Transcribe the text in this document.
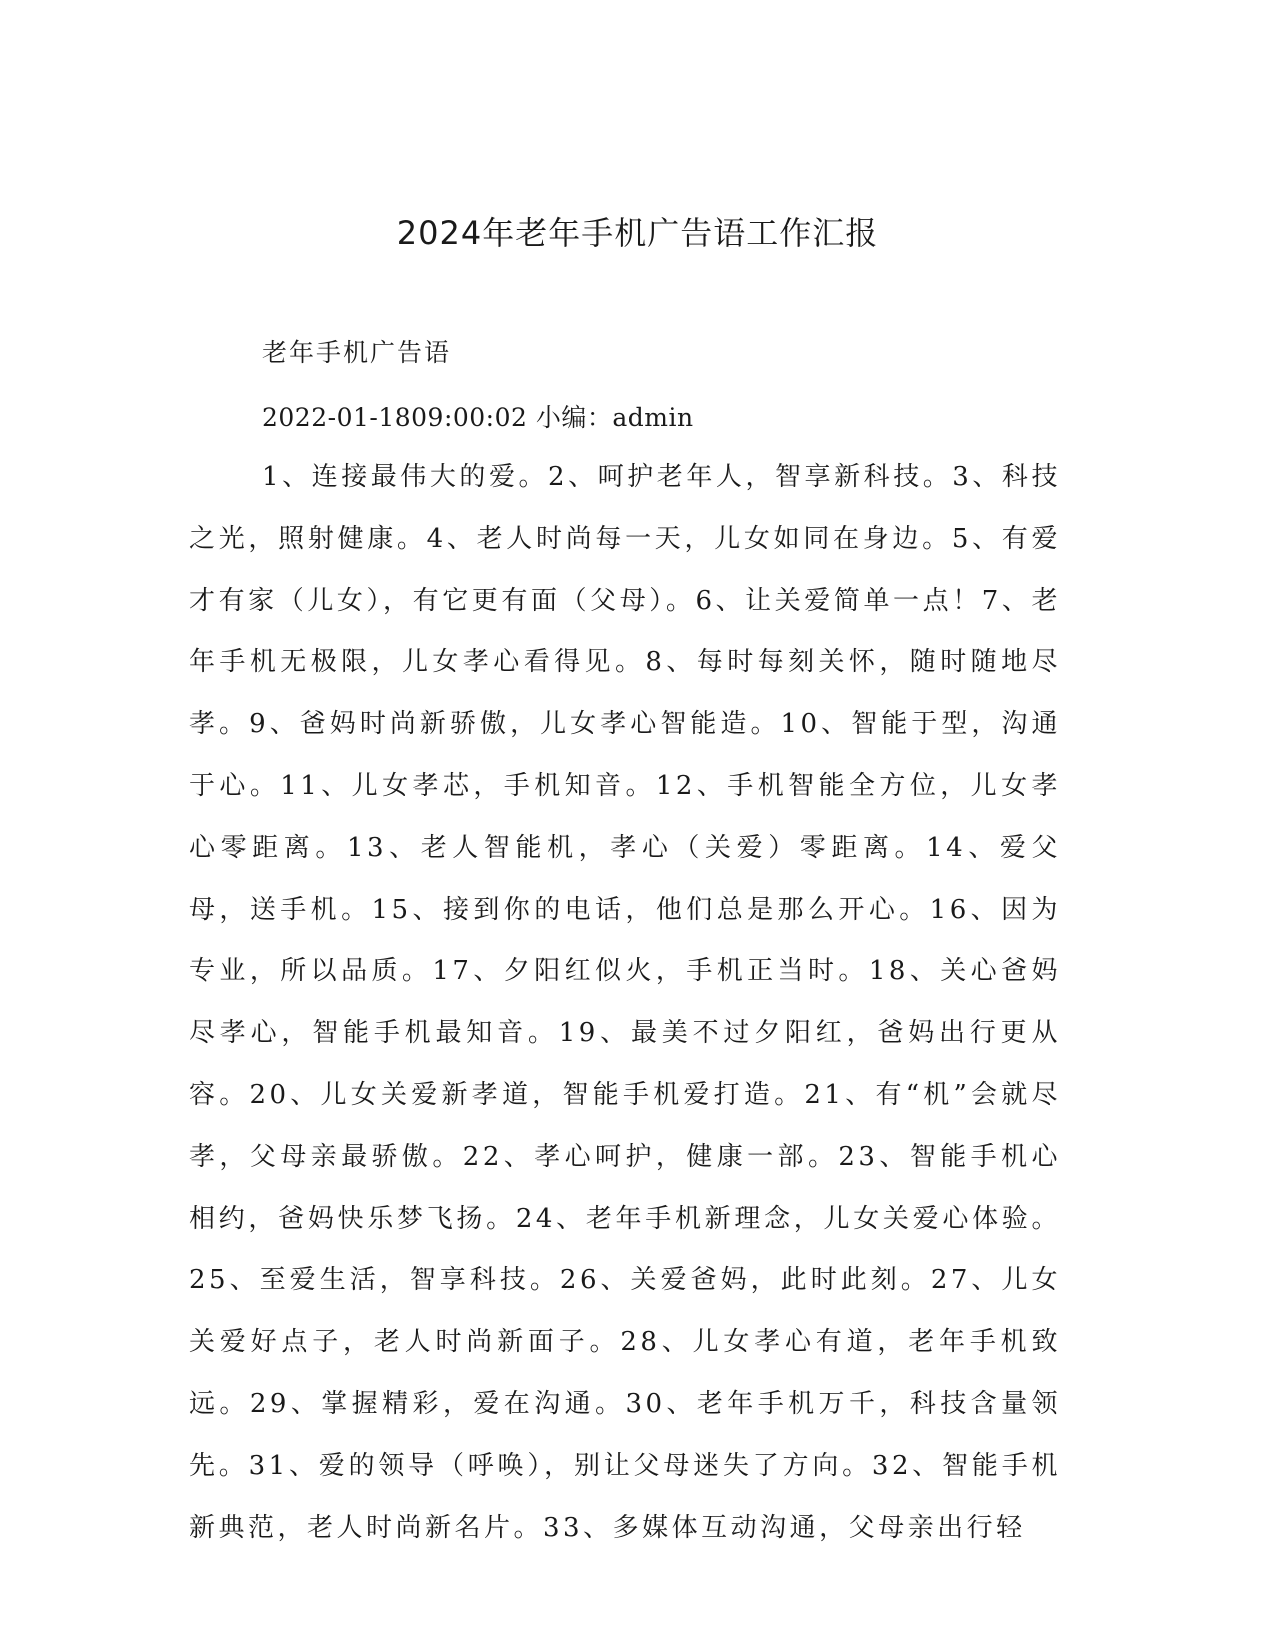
2024年老年手机广告语工作汇报

老年手机广告语

2022-01-1809:00:02 小编：admin

1、连接最伟大的爱。2、呵护老年人，智享新科技。3、科技之光，照射健康。4、老人时尚每一天，儿女如同在身边。5、有爱才有家（儿女），有它更有面（父母）。6、让关爱简单一点！7、老年手机无极限，儿女孝心看得见。8、每时每刻关怀，随时随地尽孝。9、爸妈时尚新骄傲，儿女孝心智能造。10、智能于型，沟通于心。11、儿女孝芯，手机知音。12、手机智能全方位，儿女孝心零距离。13、老人智能机，孝心（关爱）零距离。14、爱父母，送手机。15、接到你的电话，他们总是那么开心。16、因为专业，所以品质。17、夕阳红似火，手机正当时。18、关心爸妈尽孝心，智能手机最知音。19、最美不过夕阳红，爸妈出行更从容。20、儿女关爱新孝道，智能手机爱打造。21、有“机”会就尽孝，父母亲最骄傲。22、孝心呵护，健康一部。23、智能手机心相约，爸妈快乐梦飞扬。24、老年手机新理念，儿女关爱心体验。25、至爱生活，智享科技。26、关爱爸妈，此时此刻。27、儿女关爱好点子，老人时尚新面子。28、儿女孝心有道，老年手机致远。29、掌握精彩，爱在沟通。30、老年手机万千，科技含量领先。31、爱的领导（呼唤），别让父母迷失了方向。32、智能手机新典范，老人时尚新名片。33、多媒体互动沟通，父母亲出行轻
